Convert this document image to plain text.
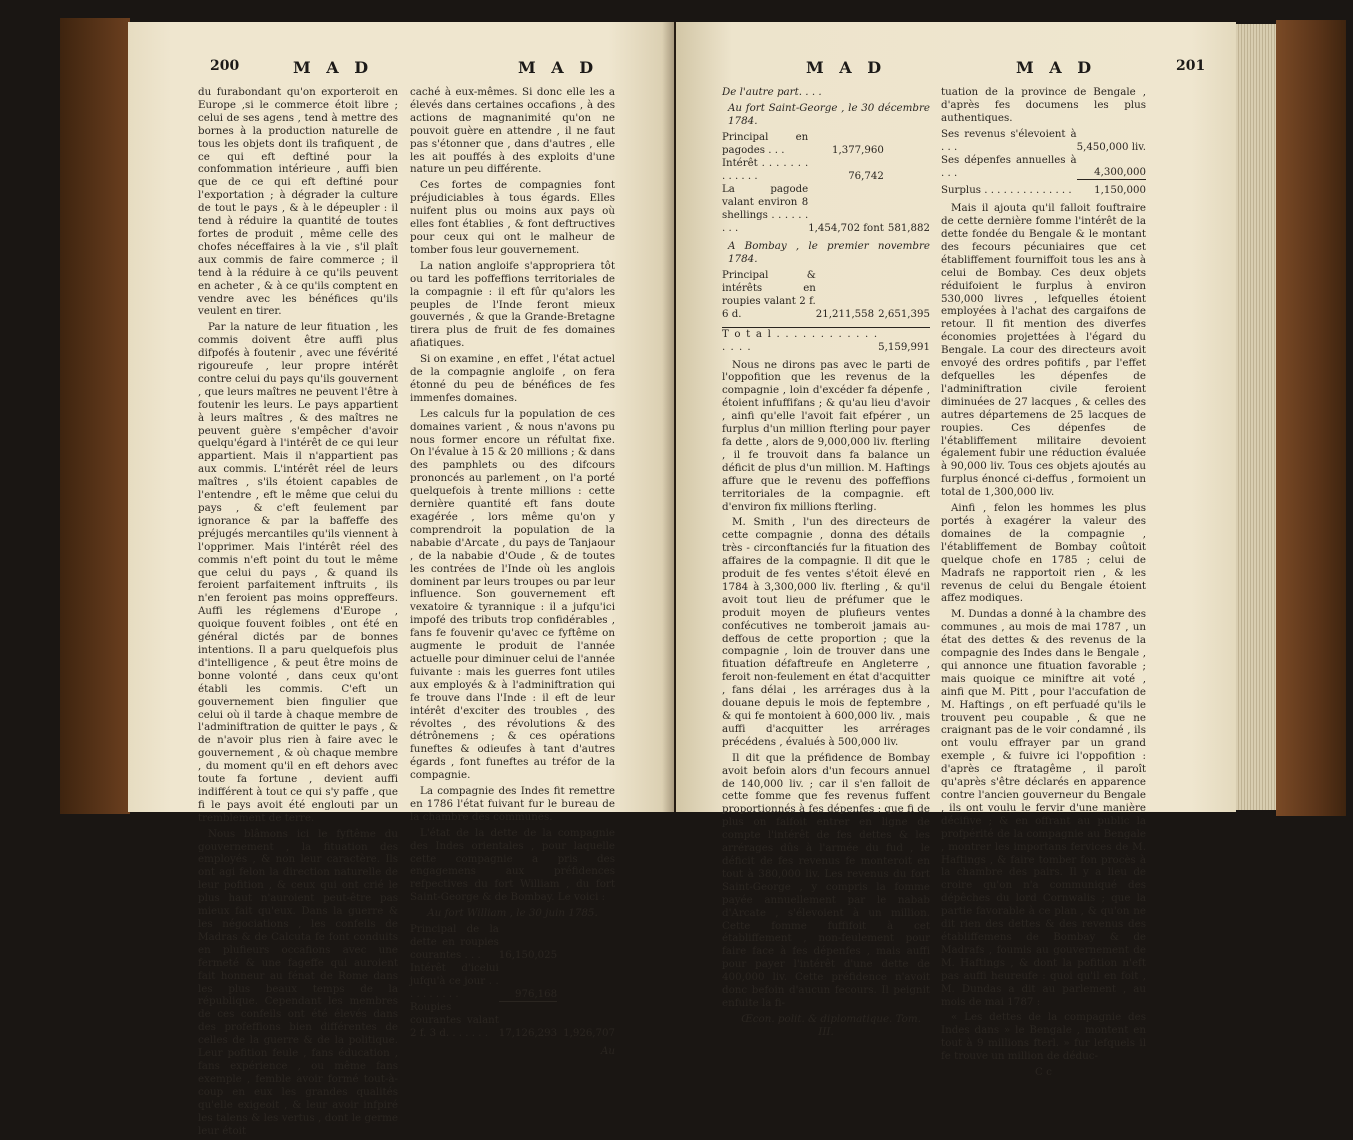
200	M A D	M A D

du furabondant qu'on exporteroit en Europe ,si le commerce étoit libre ; celui de ses agens , tend à mettre des bornes à la production naturelle de tous les objets dont ils trafiquent , de ce qui eft deftiné pour la confommation intérieure , auffi bien que de ce qui eft deftiné pour l'exportation ; à dégrader la culture de tout le pays , & à le dépeupler : il tend à réduire la quantité de toutes fortes de produit , même celle des chofes néceffaires à la vie , s'il plaît aux commis de faire commerce ; il tend à la réduire à ce qu'ils peuvent en acheter , & à ce qu'ils comptent en vendre avec les bénéfices qu'ils veulent en tirer.

Par la nature de leur fituation , les commis doivent être auffi plus difpofés à foutenir , avec une févérité rigoureufe , leur propre intérêt contre celui du pays qu'ils gouvernent , que leurs maîtres ne peuvent l'être à foutenir les leurs. Le pays appartient à leurs maîtres , & des maîtres ne peuvent guère s'empêcher d'avoir quelqu'égard à l'intérêt de ce qui leur appartient. Mais il n'appartient pas aux commis. L'intérêt réel de leurs maîtres , s'ils étoient capables de l'entendre , eft le même que celui du pays , & c'eft feulement par ignorance & par la baffeffe des préjugés mercantiles qu'ils viennent à l'opprimer. Mais l'intérêt réel des commis n'eft point du tout le même que celui du pays , & quand ils feroient parfaitement inftruits , ils n'en feroient pas moins oppreffeurs. Auffi les réglemens d'Europe , quoique fouvent foibles , ont été en général dictés par de bonnes intentions. Il a paru quelquefois plus d'intelligence , & peut être moins de bonne volonté , dans ceux qu'ont établi les commis. C'eft un gouvernement bien fingulier que celui où il tarde à chaque membre de l'adminiftration de quitter le pays , & de n'avoir plus rien à faire avec le gouvernement , & où chaque membre , du moment qu'il en eft dehors avec toute fa fortune , devient auffi indifférent à tout ce qui s'y paffe , que fi le pays avoit été englouti par un tremblement de terre.

Nous blâmons ici le fyftême du gouvernement , la fituation des employés , & non leur caractère. Ils ont agi felon la direction naturelle de leur pofition , & ceux qui ont crié le plus haut n'auroient peut-être pas mieux fait qu'eux. Dans la guerre & les négociations , les confeils de Madras & de Calcuta fe font conduits en plufieurs occafions avec une fermeté & une fageffe qui auroient fait honneur au fénat de Rome dans les plus beaux temps de la république. Cependant les membres de ces confeils ont été élevés dans des profeffions bien différentes de celles de la guerre & de la politique. Leur pofition feule , fans éducation , fans expérience , ou même fans exemple , femble avoir formé tout-à-coup en eux les grandes qualités qu'elle exigeoit , & leur avoir infpiré les talens & les vertus , dont le germe leur étoit

caché à eux-mêmes. Si donc elle les a élevés dans certaines occafions , à des actions de magnanimité qu'on ne pouvoit guère en attendre , il ne faut pas s'étonner que , dans d'autres , elle les ait pouffés à des exploits d'une nature un peu différente.

Ces fortes de compagnies font préjudiciables à tous égards. Elles nuifent plus ou moins aux pays où elles font établies , & font deftructives pour ceux qui ont le malheur de tomber fous leur gouvernement.

La nation angloife s'appropriera tôt ou tard les poffeffions territoriales de la compagnie : il eft fûr qu'alors les peuples de l'Inde feront mieux gouvernés , & que la Grande-Bretagne tirera plus de fruit de fes domaines afiatiques.

Si on examine , en effet , l'état actuel de la compagnie angloife , on fera étonné du peu de bénéfices de fes immenfes domaines.

Les calculs fur la population de ces domaines varient , & nous n'avons pu nous former encore un réfultat fixe. On l'évalue à 15 & 20 millions ; & dans des pamphlets ou des difcours prononcés au parlement , on l'a porté quelquefois à trente millions : cette dernière quantité eft fans doute exagérée , lors même qu'on y comprendroit la population de la nababie d'Arcate , du pays de Tanjaour , de la nababie d'Oude , & de toutes les contrées de l'Inde où les anglois dominent par leurs troupes ou par leur influence. Son gouvernement eft vexatoire & tyrannique : il a jufqu'ici impofé des tributs trop confidérables , fans fe fouvenir qu'avec ce fyftême on augmente le produit de l'année actuelle pour diminuer celui de l'année fuivante : mais les guerres font utiles aux employés & à l'adminiftration qui fe trouve dans l'Inde : il eft de leur intérêt d'exciter des troubles , des révoltes , des révolutions & des détrônemens ; & ces opérations funeftes & odieufes à tant d'autres égards , font funeftes au tréfor de la compagnie.

La compagnie des Indes fit remettre en 1786 l'état fuivant fur le bureau de la chambre des communes.

L'état de la dette de la compagnie des Indes orientales , pour laquelle cette compagnie a pris des engagemens aux préfidences refpectives du fort William , du fort Saint-George & de Bombay. Le voici :

Au fort William , le 30 juin 1785.

Principal de la dette en roupies courantes . . .	16,150,025	
Intérêt d'icelui jufqu'à ce jour . . . . . . . . . .	976,168	
Roupies courantes valant 2 f. 3 d. . . . . . .	17,126,293	1,926,707

Au

M A D	M A D	201

De l'autre part. . . .

Au fort Saint-George , le 30 décembre 1784.

Principal en pagodes . . .	1,377,960	
Intérêt . . . . . . . . . . . . .	76,742	
La pagode valant environ 8 shellings . . . . . . . . .	1,454,702 font	581,882

A Bombay , le premier novembre 1784.

Principal & intérêts en roupies valant 2 f. 6 d.	21,211,558	2,651,395
T o t a l . . . . . . . . . . . . . . . .	5,159,991

Nous ne dirons pas avec le parti de l'oppofition que les revenus de la compagnie , loin d'excéder fa dépenfe , étoient infuffifans ; & qu'au lieu d'avoir , ainfi qu'elle l'avoit fait efpérer , un furplus d'un million fterling pour payer fa dette , alors de 9,000,000 liv. fterling , il fe trouvoit dans fa balance un déficit de plus d'un million. M. Haftings affure que le revenu des poffeffions territoriales de la compagnie. eft d'environ fix millions fterling.

M. Smith , l'un des directeurs de cette compagnie , donna des détails très - circonftanciés fur la fituation des affaires de la compagnie. Il dit que le produit de fes ventes s'étoit élevé en 1784 à 3,300,000 liv. fterling , & qu'il avoit tout lieu de préfumer que le produit moyen de plufieurs ventes confécutives ne tomberoit jamais au-deffous de cette proportion ; que la compagnie , loin de trouver dans une fituation défaftreufe en Angleterre , feroit non-feulement en état d'acquitter , fans délai , les arrérages dus à la douane depuis le mois de feptembre , & qui fe montoient à 600,000 liv. , mais auffi d'acquitter les arrérages précédens , évalués à 500,000 liv.

Il dit que la préfidence de Bombay avoit befoin alors d'un fecours annuel de 140,000 liv. ; car il s'en falloit de cette fomme que fes revenus fuffent proportionnés à fes dépenfes ; que fi de plus on faifoit entrer en ligne de compte l'intérêt de fes dettes & les arrérages dûs à l'armée du fud , le déficit de fes revenus fe monteroit en tout à 380,000 liv. Les revenus du fort Saint-George , y compris la fomme payée annuellement par le nabab d'Arcate , s'élevoient à un million. Cette fomme fuffifoit à cet établiffement , non-feulement pour faire face à fes dépenfes , mais auffi pour payer l'intérêt d'une dette de 400,000 liv. Cette préfidence n'avoit donc befoin d'aucun fecours. Il peignit enfuite la fi-

Œcon. polit. & diplomatique. Tom. III.

tuation de la province de Bengale , d'après fes documens les plus authentiques.

Ses revenus s'élevoient à . . .	5,450,000 liv.
Ses dépenfes annuelles à . . .	4,300,000
Surplus . . . . . . . . . . . . . .	1,150,000

Mais il ajouta qu'il falloit fouftraire de cette dernière fomme l'intérêt de la dette fondée du Bengale & le montant des fecours pécuniaires que cet établiffement fourniffoit tous les ans à celui de Bombay. Ces deux objets réduifoient le furplus à environ 530,000 livres , lefquelles étoient employées à l'achat des cargaifons de retour. Il fit mention des diverfes économies projettées à l'égard du Bengale. La cour des directeurs avoit envoyé des ordres pofitifs , par l'effet defquelles les dépenfes de l'adminiftration civile feroient diminuées de 27 lacques , & celles des autres départemens de 25 lacques de roupies. Ces dépenfes de l'établiffement militaire devoient également fubir une réduction évaluée à 90,000 liv. Tous ces objets ajoutés au furplus énoncé ci-deffus , formoient un total de 1,300,000 liv.

Ainfi , felon les hommes les plus portés à exagérer la valeur des domaines de la compagnie , l'établiffement de Bombay coûtoit quelque chofe en 1785 ; celui de Madrafs ne rapportoit rien , & les revenus de celui du Bengale étoient affez modiques.

M. Dundas a donné à la chambre des communes , au mois de mai 1787 , un état des dettes & des revenus de la compagnie des Indes dans le Bengale , qui annonce une fituation favorable ; mais quoique ce miniftre ait voté , ainfi que M. Pitt , pour l'accufation de M. Haftings , on eft perfuadé qu'ils le trouvent peu coupable , & que ne craignant pas de le voir condamné , ils ont voulu effrayer par un grand exemple , & fuivre ici l'oppofition : d'après ce ftratagême , il paroît qu'après s'être déclarés en apparence contre l'ancien gouverneur du Bengale , ils ont voulu le fervir d'une manière décifive ; & en offrant au public la profpérité de la compagnie au Bengale , montrer les importans fervices de M. Haftings , & faire tomber fon procès à la chambre des pairs. Il y a lieu de croire qu'on n'a communiqué des dépêches du lord Cornwalis ; que la partie favorable à ce plan , & qu'on ne dit rien des dettes & des revenus des établiffemens de Bombay & de Madrafs , foumis au gouvernement de M. Haftings , & dont la pofition n'eft pas auffi heureufe : quoi qu'il en foit , M. Dundas a dit au parlement , au mois de mai 1787 :

« Les dettes de la compagnie des Indes dans » le Bengale , montent en tout à 9 millions fterl. » fur lefquels il fe trouve un million de déduc-

C c
